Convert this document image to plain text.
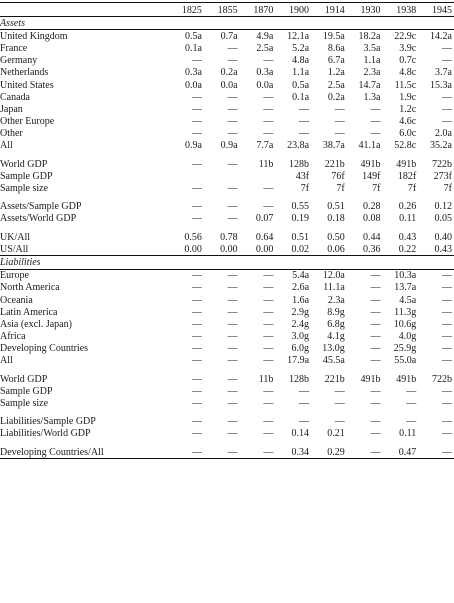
	1825	1855	1870	1900	1914	1930	1938	1945
Assets								
United Kingdom	0.5a	0.7a	4.9a	12.1a	19.5a	18.2a	22.9c	14.2a
France	0.1a	—	2.5a	5.2a	8.6a	3.5a	3.9c	—
Germany	—	—	—	4.8a	6.7a	1.1a	0.7c	—
Netherlands	0.3a	0.2a	0.3a	1.1a	1.2a	2.3a	4.8c	3.7a
United States	0.0a	0.0a	0.0a	0.5a	2.5a	14.7a	11.5c	15.3a
Canada	—	—	—	0.1a	0.2a	1.3a	1.9c	—
Japan	—	—	—	—	—	—	1.2c	—
Other Europe	—	—	—	—	—	—	4.6c	—
Other	—	—	—	—	—	—	6.0c	2.0a
All	0.9a	0.9a	7.7a	23.8a	38.7a	41.1a	52.8c	35.2a

World GDP	—	—	11b	128b	221b	491b	491b	722b
Sample GDP				43f	76f	149f	182f	273f
Sample size	—	—	—	7f	7f	7f	7f	7f

Assets/Sample GDP	—	—	—	0.55	0.51	0.28	0.26	0.12
Assets/World GDP	—	—	0.07	0.19	0.18	0.08	0.11	0.05

UK/All	0.56	0.78	0.64	0.51	0.50	0.44	0.43	0.40
US/All	0.00	0.00	0.00	0.02	0.06	0.36	0.22	0.43
Liabilities								
Europe	—	—	—	5.4a	12.0a	—	10.3a	—
North America	—	—	—	2.6a	11.1a	—	13.7a	—
Oceania	—	—	—	1.6a	2.3a	—	4.5a	—
Latin America	—	—	—	2.9g	8.9g	—	11.3g	—
Asia (excl. Japan)	—	—	—	2.4g	6.8g	—	10.6g	—
Africa	—	—	—	3.0g	4.1g	—	4.0g	—
Developing Countries	—	—	—	6.0g	13.0g	—	25.9g	—
All	—	—	—	17.9a	45.5a	—	55.0a	—

World GDP	—	—	11b	128b	221b	491b	491b	722b
Sample GDP	—	—	—	—	—	—	—	—
Sample size	—	—	—	—	—	—	—	—

Liabilities/Sample GDP	—	—	—	—	—	—	—	—
Liabilities/World GDP	—	—	—	0.14	0.21	—	0.11	—

Developing Countries/All	—	—	—	0.34	0.29	—	0.47	—
